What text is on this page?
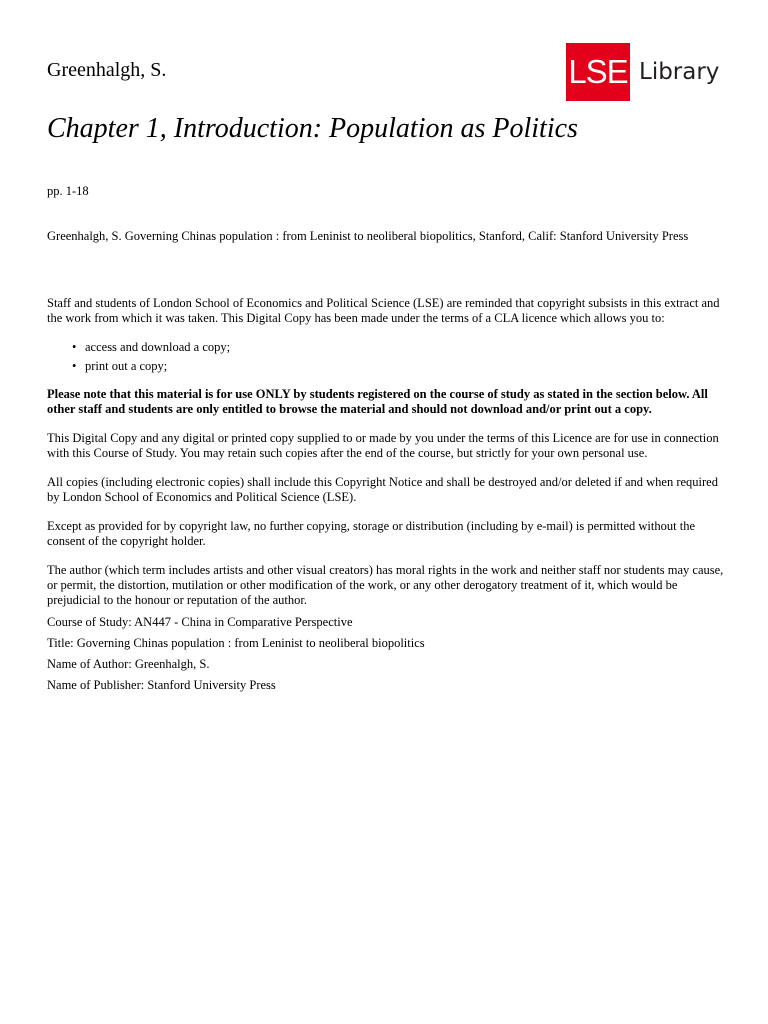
Greenhalgh, S.	LSE Library
Chapter 1, Introduction: Population as Politics
pp. 1-18
Greenhalgh, S. Governing Chinas population : from Leninist to neoliberal biopolitics, Stanford, Calif: Stanford University Press

Staff and students of London School of Economics and Political Science (LSE) are reminded that copyright subsists in this extract and the work from which it was taken. This Digital Copy has been made under the terms of a CLA licence which allows you to:

• access and download a copy;
• print out a copy;

Please note that this material is for use ONLY by students registered on the course of study as stated in the section below. All other staff and students are only entitled to browse the material and should not download and/or print out a copy.

This Digital Copy and any digital or printed copy supplied to or made by you under the terms of this Licence are for use in connection with this Course of Study. You may retain such copies after the end of the course, but strictly for your own personal use.

All copies (including electronic copies) shall include this Copyright Notice and shall be destroyed and/or deleted if and when required by London School of Economics and Political Science (LSE).

Except as provided for by copyright law, no further copying, storage or distribution (including by e-mail) is permitted without the consent of the copyright holder.

The author (which term includes artists and other visual creators) has moral rights in the work and neither staff nor students may cause, or permit, the distortion, mutilation or other modification of the work, or any other derogatory treatment of it, which would be prejudicial to the honour or reputation of the author.

Course of Study: AN447 - China in Comparative Perspective
Title: Governing Chinas population : from Leninist to neoliberal biopolitics
Name of Author: Greenhalgh, S.
Name of Publisher: Stanford University Press
